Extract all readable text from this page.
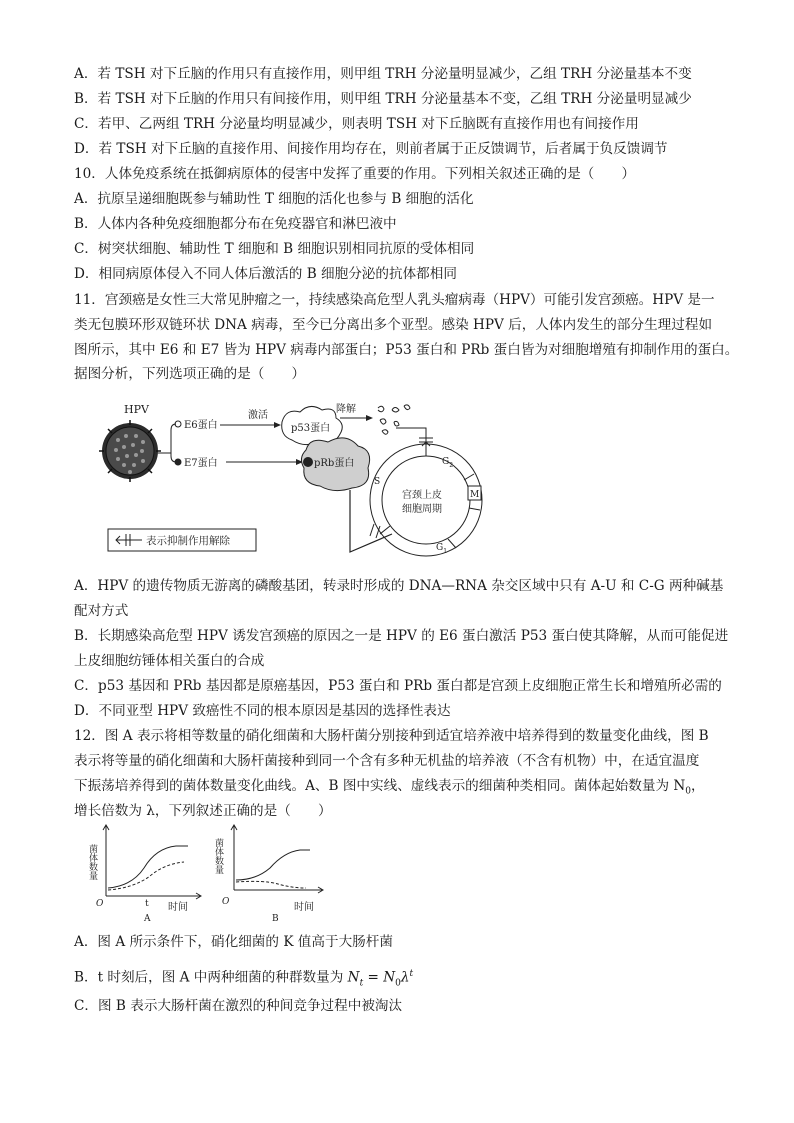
A．若 TSH 对下丘脑的作用只有直接作用，则甲组 TRH 分泌量明显减少，乙组 TRH 分泌量基本不变
B．若 TSH 对下丘脑的作用只有间接作用，则甲组 TRH 分泌量基本不变，乙组 TRH 分泌量明显减少
C．若甲、乙两组 TRH 分泌量均明显减少，则表明 TSH 对下丘脑既有直接作用也有间接作用
D．若 TSH 对下丘脑的直接作用、间接作用均存在，则前者属于正反馈调节，后者属于负反馈调节
10．人体免疫系统在抵御病原体的侵害中发挥了重要的作用。下列相关叙述正确的是（　　）
A．抗原呈递细胞既参与辅助性 T 细胞的活化也参与 B 细胞的活化
B．人体内各种免疫细胞都分布在免疫器官和淋巴液中
C．树突状细胞、辅助性 T 细胞和 B 细胞识别相同抗原的受体相同
D．相同病原体侵入不同人体后激活的 B 细胞分泌的抗体都相同
11．宫颈癌是女性三大常见肿瘤之一，持续感染高危型人乳头瘤病毒（HPV）可能引发宫颈癌。HPV 是一
类无包膜环形双链环状 DNA 病毒，至今已分离出多个亚型。感染 HPV 后，人体内发生的部分生理过程如
图所示，其中 E6 和 E7 皆为 HPV 病毒内部蛋白；P53 蛋白和 PRb 蛋白皆为对细胞增殖有抑制作用的蛋白。
据图分析，下列选项正确的是（　　）
HPV
E6蛋白
E7蛋白
激活
p53蛋白
降解
pRb蛋白	$G_2$
M
S
$G_1$
宫颈上皮
细胞周期
表示抑制作用解除
A．HPV 的遗传物质无游离的磷酸基团，转录时形成的 DNA—RNA 杂交区域中只有 A-U 和 C-G 两种碱基
配对方式
B．长期感染高危型 HPV 诱发宫颈癌的原因之一是 HPV 的 E6 蛋白激活 P53 蛋白使其降解，从而可能促进
上皮细胞纺锤体相关蛋白的合成
C．p53 基因和 PRb 基因都是原癌基因，P53 蛋白和 PRb 蛋白都是宫颈上皮细胞正常生长和增殖所必需的
D．不同亚型 HPV 致癌性不同的根本原因是基因的选择性表达
12．图 A 表示将相等数量的硝化细菌和大肠杆菌分别接种到适宜培养液中培养得到的数量变化曲线，图 B
表示将等量的硝化细菌和大肠杆菌接种到同一个含有多种无机盐的培养液（不含有机物）中，在适宜温度
下振荡培养得到的菌体数量变化曲线。A、B 图中实线、虚线表示的细菌种类相同。菌体起始数量为 $N_0$，
增长倍数为 λ，下列叙述正确的是（　　）
菌体数量
O	t 时间
A
菌体数量
O	时间
B
A．图 A 所示条件下，硝化细菌的 K 值高于大肠杆菌
B．t 时刻后，图 A 中两种细菌的种群数量为 $N_t = N_0\lambda^t$
C．图 B 表示大肠杆菌在激烈的种间竞争过程中被淘汰
